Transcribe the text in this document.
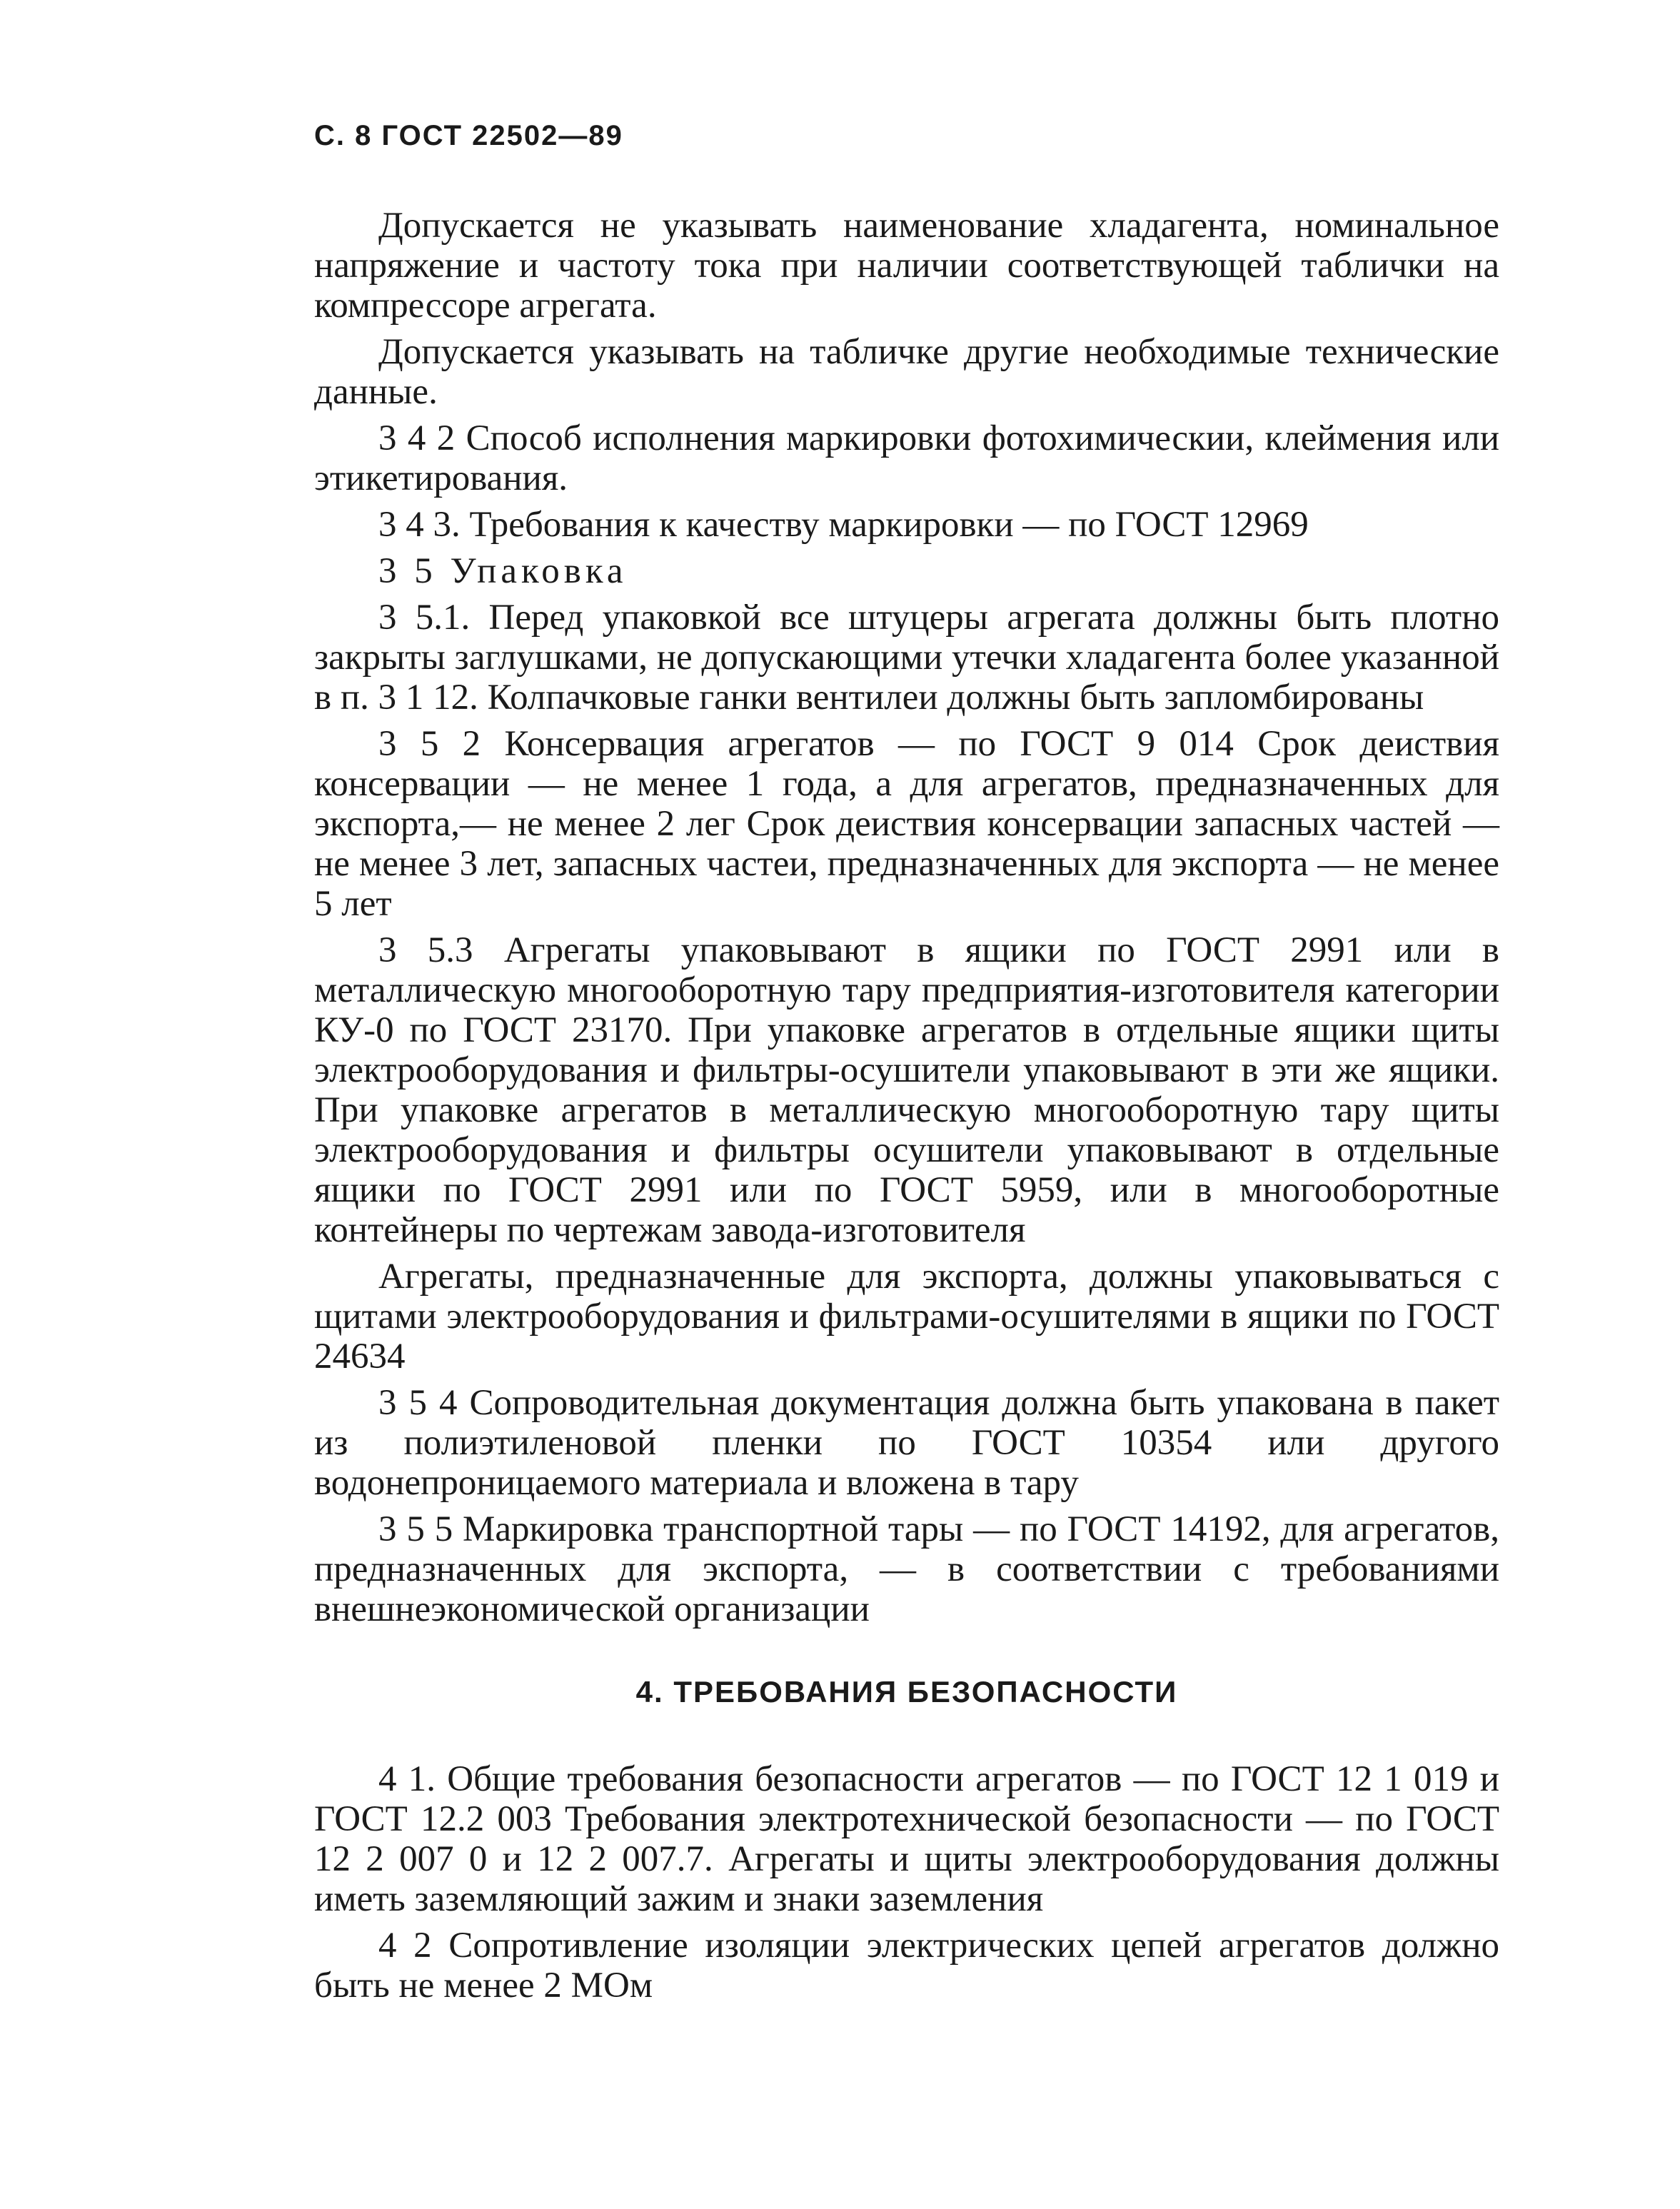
С. 8 ГОСТ 22502—89

Допускается не указывать наименование хладагента, номинальное напряжение и частоту тока при наличии соответствующей таблички на компрессоре агрегата.

Допускается указывать на табличке другие необходимые технические данные.

3 4 2 Способ исполнения маркировки фотохимическии, клеймения или этикетирования.

3 4 3. Требования к качеству маркировки — по ГОСТ 12969

3 5 Упаковка

3 5.1. Перед упаковкой все штуцеры агрегата должны быть плотно закрыты заглушками, не допускающими утечки хладагента более указанной в п. 3 1 12. Колпачковые ганки вентилеи должны быть запломбированы

3 5 2 Консервация агрегатов — по ГОСТ 9 014 Срок деиствия консервации — не менее 1 года, а для агрегатов, предназначенных для экспорта,— не менее 2 лег Срок деиствия консервации запасных частей — не менее 3 лет, запасных частеи, предназначенных для экспорта — не менее 5 лет

3 5.3 Агрегаты упаковывают в ящики по ГОСТ 2991 или в металлическую многооборотную тару предприятия-изготовителя категории КУ-0 по ГОСТ 23170. При упаковке агрегатов в отдельные ящики щиты электрооборудования и фильтры-осушители упаковывают в эти же ящики. При упаковке агрегатов в металлическую многооборотную тару щиты электрооборудования и фильтры осушители упаковывают в отдельные ящики по ГОСТ 2991 или по ГОСТ 5959, или в многооборотные контейнеры по чертежам завода-изготовителя

Агрегаты, предназначенные для экспорта, должны упаковываться с щитами электрооборудования и фильтрами-осушителями в ящики по ГОСТ 24634

3 5 4 Сопроводительная документация должна быть упакована в пакет из полиэтиленовой пленки по ГОСТ 10354 или другого водонепроницаемого материала и вложена в тару

3 5 5 Маркировка транспортной тары — по ГОСТ 14192, для агрегатов, предназначенных для экспорта, — в соответствии с требованиями внешнеэкономической организации

4. ТРЕБОВАНИЯ БЕЗОПАСНОСТИ

4 1. Общие требования безопасности агрегатов — по ГОСТ 12 1 019 и ГОСТ 12.2 003 Требования электротехнической безопасности — по ГОСТ 12 2 007 0 и 12 2 007.7. Агрегаты и щиты электрооборудования должны иметь заземляющий зажим и знаки заземления

4 2 Сопротивление изоляции электрических цепей агрегатов должно быть не менее 2 МОм
